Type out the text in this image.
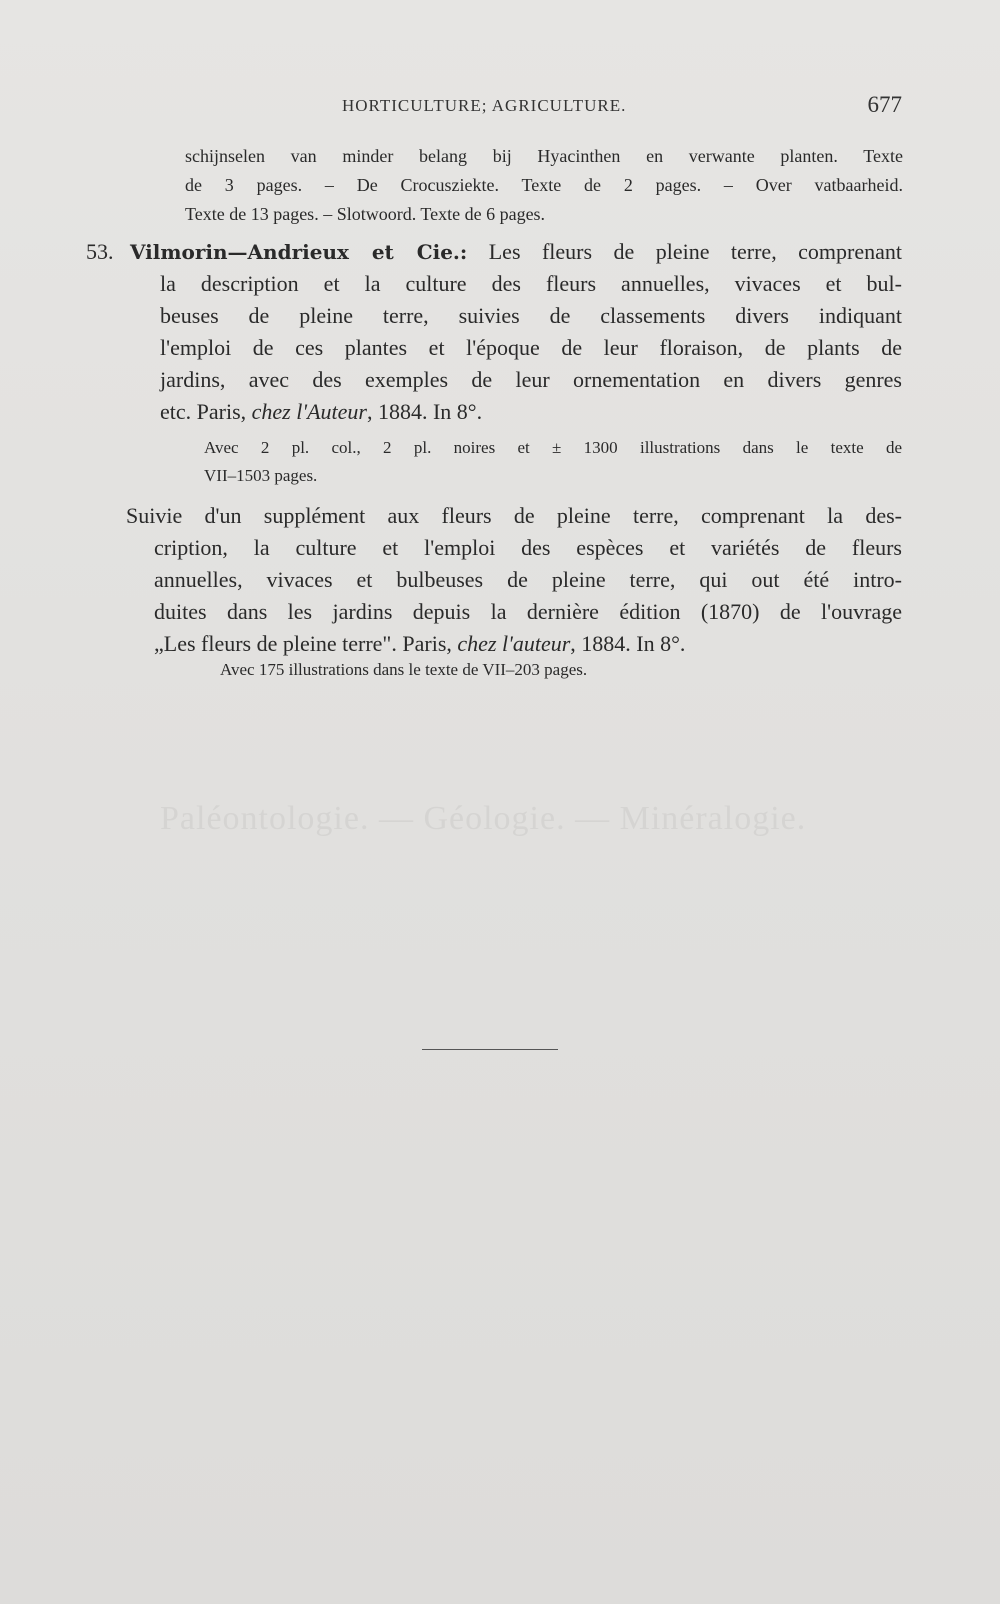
Paléontologie. — Géologie. — Minéralogie.
HORTICULTURE; AGRICULTURE.	677
schijnselen van minder belang bij Hyacinthen en verwante planten. Texte
de 3 pages. – De Crocusziekte. Texte de 2 pages. – Over vatbaarheid.
Texte de 13 pages. – Slotwoord. Texte de 6 pages.
53. Vilmorin—Andrieux et Cie.: Les fleurs de pleine terre, comprenant
la description et la culture des fleurs annuelles, vivaces et bul-
beuses de pleine terre, suivies de classements divers indiquant
l'emploi de ces plantes et l'époque de leur floraison, de plants de
jardins, avec des exemples de leur ornementation en divers genres
etc. Paris, chez l'Auteur, 1884. In 8°.
Avec 2 pl. col., 2 pl. noires et ± 1300 illustrations dans le texte de
VII–1503 pages.
Suivie d'un supplément aux fleurs de pleine terre, comprenant la des-
cription, la culture et l'emploi des espèces et variétés de fleurs
annuelles, vivaces et bulbeuses de pleine terre, qui out été intro-
duites dans les jardins depuis la dernière édition (1870) de l'ouvrage
„Les fleurs de pleine terre". Paris, chez l'auteur, 1884. In 8°.
Avec 175 illustrations dans le texte de VII–203 pages.
